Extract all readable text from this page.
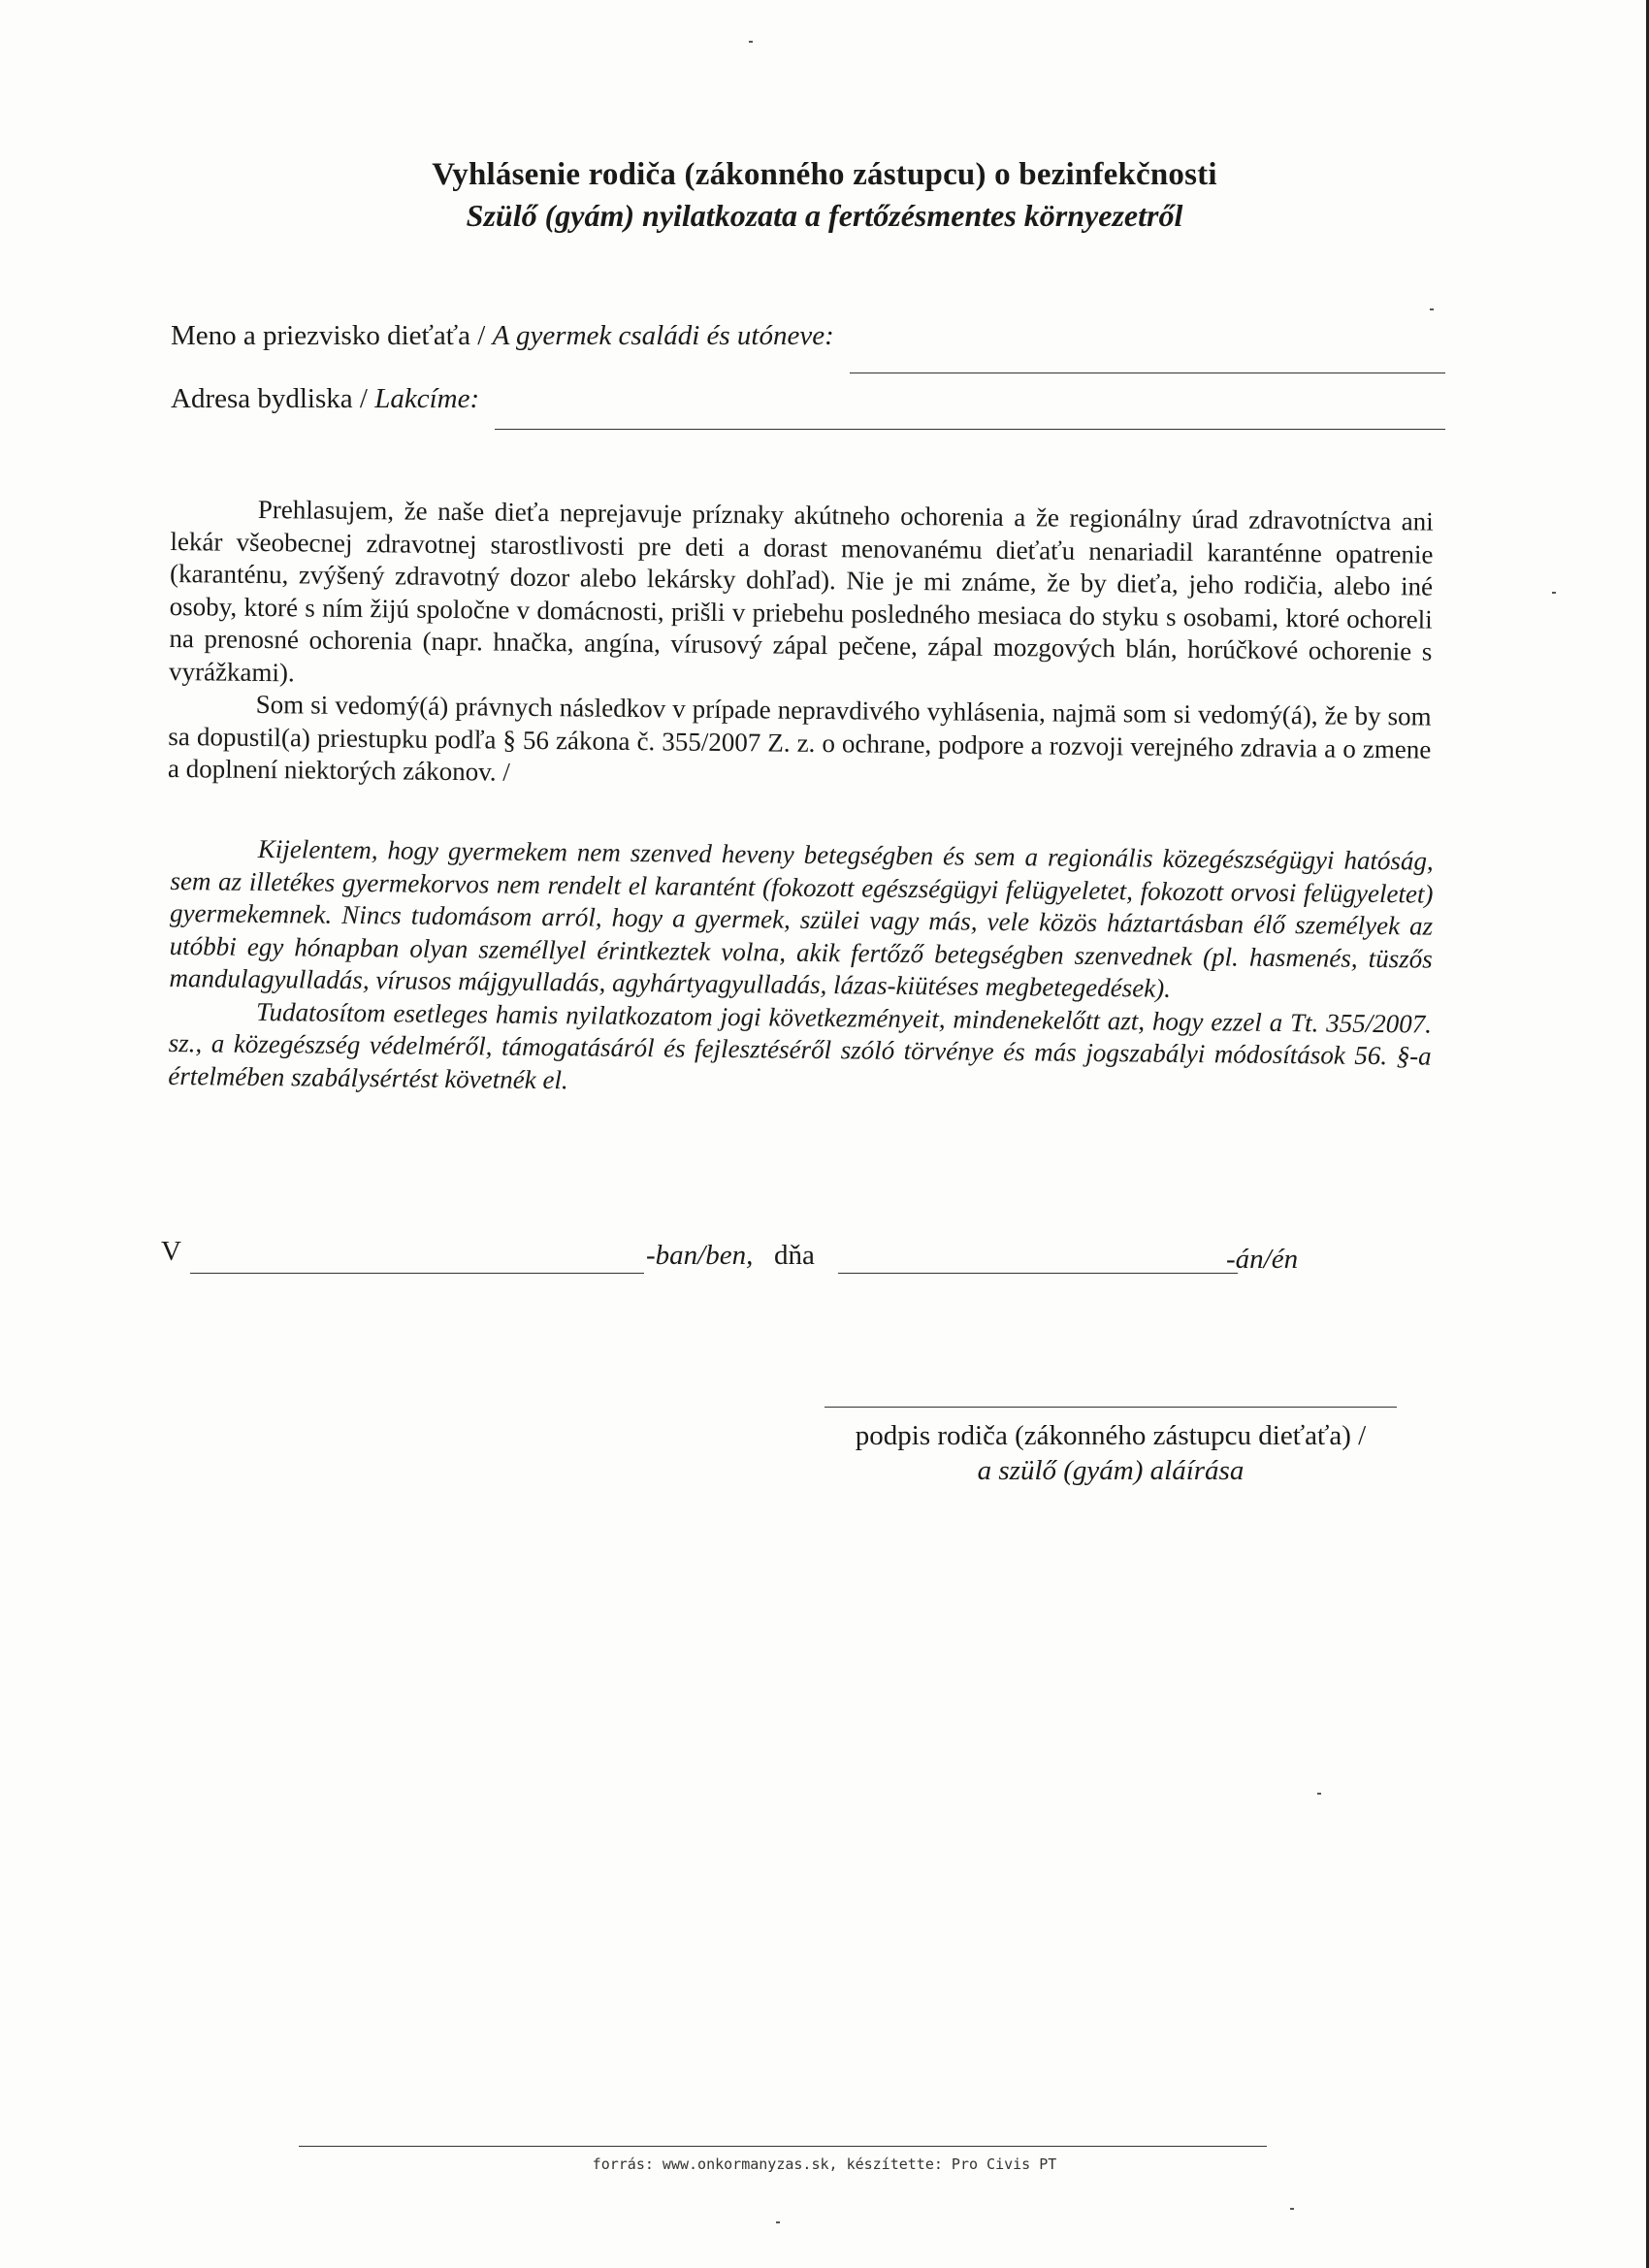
Vyhlásenie rodiča (zákonného zástupcu) o bezinfekčnosti
Szülő (gyám) nyilatkozata a fertőzésmentes környezetről
Meno a priezvisko dieťaťa / A gyermek családi és utóneve:
Adresa bydliska / Lakcíme:

Prehlasujem, že naše dieťa neprejavuje príznaky akútneho ochorenia a že regionálny úrad zdravotníctva ani lekár všeobecnej zdravotnej starostlivosti pre deti a dorast menovanému dieťaťu nenariadil karanténne opatrenie (karanténu, zvýšený zdravotný dozor alebo lekársky dohľad). Nie je mi známe, že by dieťa, jeho rodičia, alebo iné osoby, ktoré s ním žijú spoločne v domácnosti, prišli v priebehu posledného mesiaca do styku s osobami, ktoré ochoreli na prenosné ochorenia (napr. hnačka, angína, vírusový zápal pečene, zápal mozgových blán, horúčkové ochorenie s vyrážkami).

Som si vedomý(á) právnych následkov v prípade nepravdivého vyhlásenia, najmä som si vedomý(á), že by som sa dopustil(a) priestupku podľa § 56 zákona č. 355/2007 Z. z. o ochrane, podpore a rozvoji verejného zdravia a o zmene a doplnení niektorých zákonov. /

Kijelentem, hogy gyermekem nem szenved heveny betegségben és sem a regionális közegészségügyi hatóság, sem az illetékes gyermekorvos nem rendelt el karantént (fokozott egészségügyi felügyeletet, fokozott orvosi felügyeletet) gyermekemnek. Nincs tudomásom arról, hogy a gyermek, szülei vagy más, vele közös háztartásban élő személyek az utóbbi egy hónapban olyan személlyel érintkeztek volna, akik fertőző betegségben szenvednek (pl. hasmenés, tüszős mandulagyulladás, vírusos májgyulladás, agyhártyagyulladás, lázas-kiütéses megbetegedések).

Tudatosítom esetleges hamis nyilatkozatom jogi következményeit, mindenekelőtt azt, hogy ezzel a Tt. 355/2007. sz., a közegészség védelméről, támogatásáról és fejlesztéséről szóló törvénye és más jogszabályi módosítások 56. §-a értelmében szabálysértést követnék el.

V	-ban/ben, dňa	-án/én
podpis rodiča (zákonného zástupcu dieťaťa) /
a szülő (gyám) aláírása
forrás: www.onkormanyzas.sk, készítette: Pro Civis PT
